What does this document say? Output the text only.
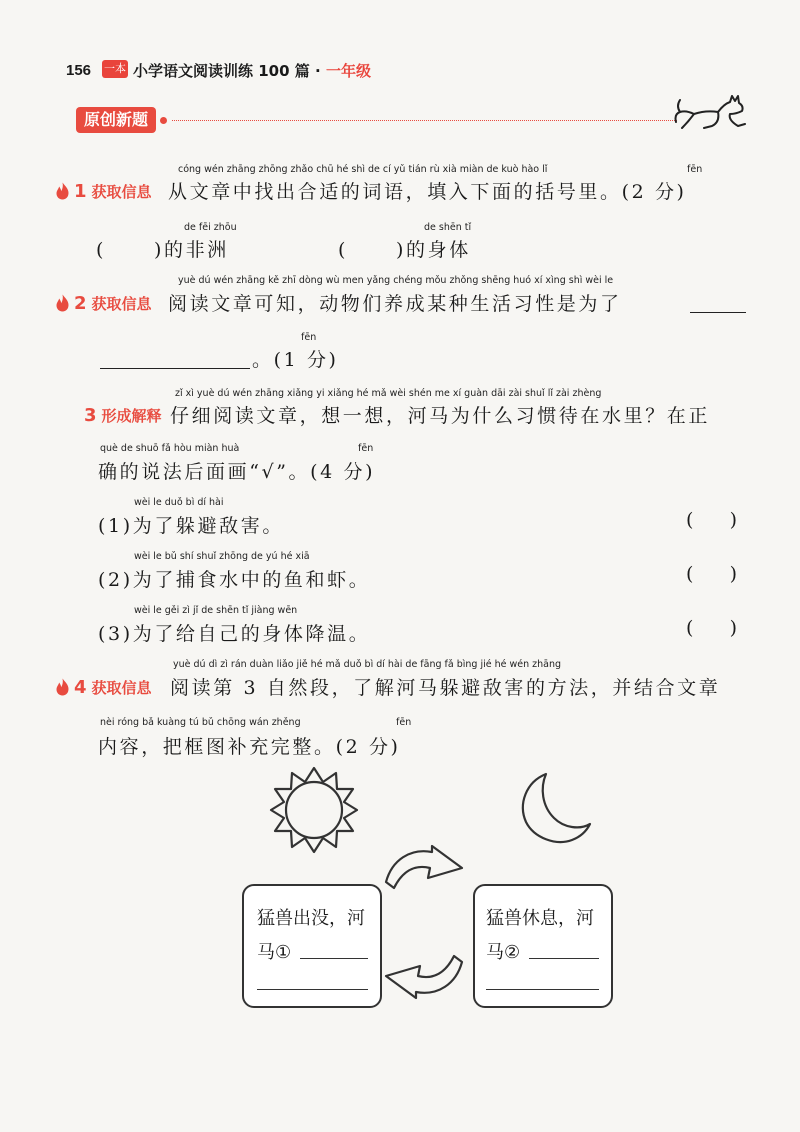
156 一本 小学语文阅读训练 100 篇 · 一年级
原创新题
cóng wén zhāng zhōng zhǎo chū hé shì de cí yǔ tián rù xià miàn de kuò hào lǐ	fēn
1 获取信息 从文章中找出合适的词语，填入下面的括号里。(2 分)
de fēi zhōu
(	)的非洲
de shēn tǐ
(	)的身体
yuè dú wén zhāng kě zhī dòng wù men yǎng chéng mǒu zhǒng shēng huó xí xìng shì wèi le
2 获取信息 阅读文章可知，动物们养成某种生活习性是为了
fēn
。(1 分)
zǐ xì yuè dú wén zhāng xiǎng yi xiǎng hé mǎ wèi shén me xí guàn dāi zài shuǐ lǐ zài zhèng
3 形成解释 仔细阅读文章，想一想，河马为什么习惯待在水里？在正
què de shuō fǎ hòu miàn huà	fēn
确的说法后面画“√”。(4 分)
wèi le duǒ bì dí hài
(1)为了躲避敌害。	(      )
wèi le bǔ shí shuǐ zhōng de yú hé xiā
(2)为了捕食水中的鱼和虾。	(      )
wèi le gěi zì jǐ de shēn tǐ jiàng wēn
(3)为了给自己的身体降温。	(      )
yuè dú dì zì rán duàn liǎo jiě hé mǎ duǒ bì dí hài de fāng fǎ bìng jié hé wén zhāng
4 获取信息 阅读第 3 自然段，了解河马躲避敌害的方法，并结合文章
nèi róng bǎ kuàng tú bǔ chōng wán zhěng	fēn
内容，把框图补充完整。(2 分)
猛兽出没，河
马①
猛兽休息，河
马②
